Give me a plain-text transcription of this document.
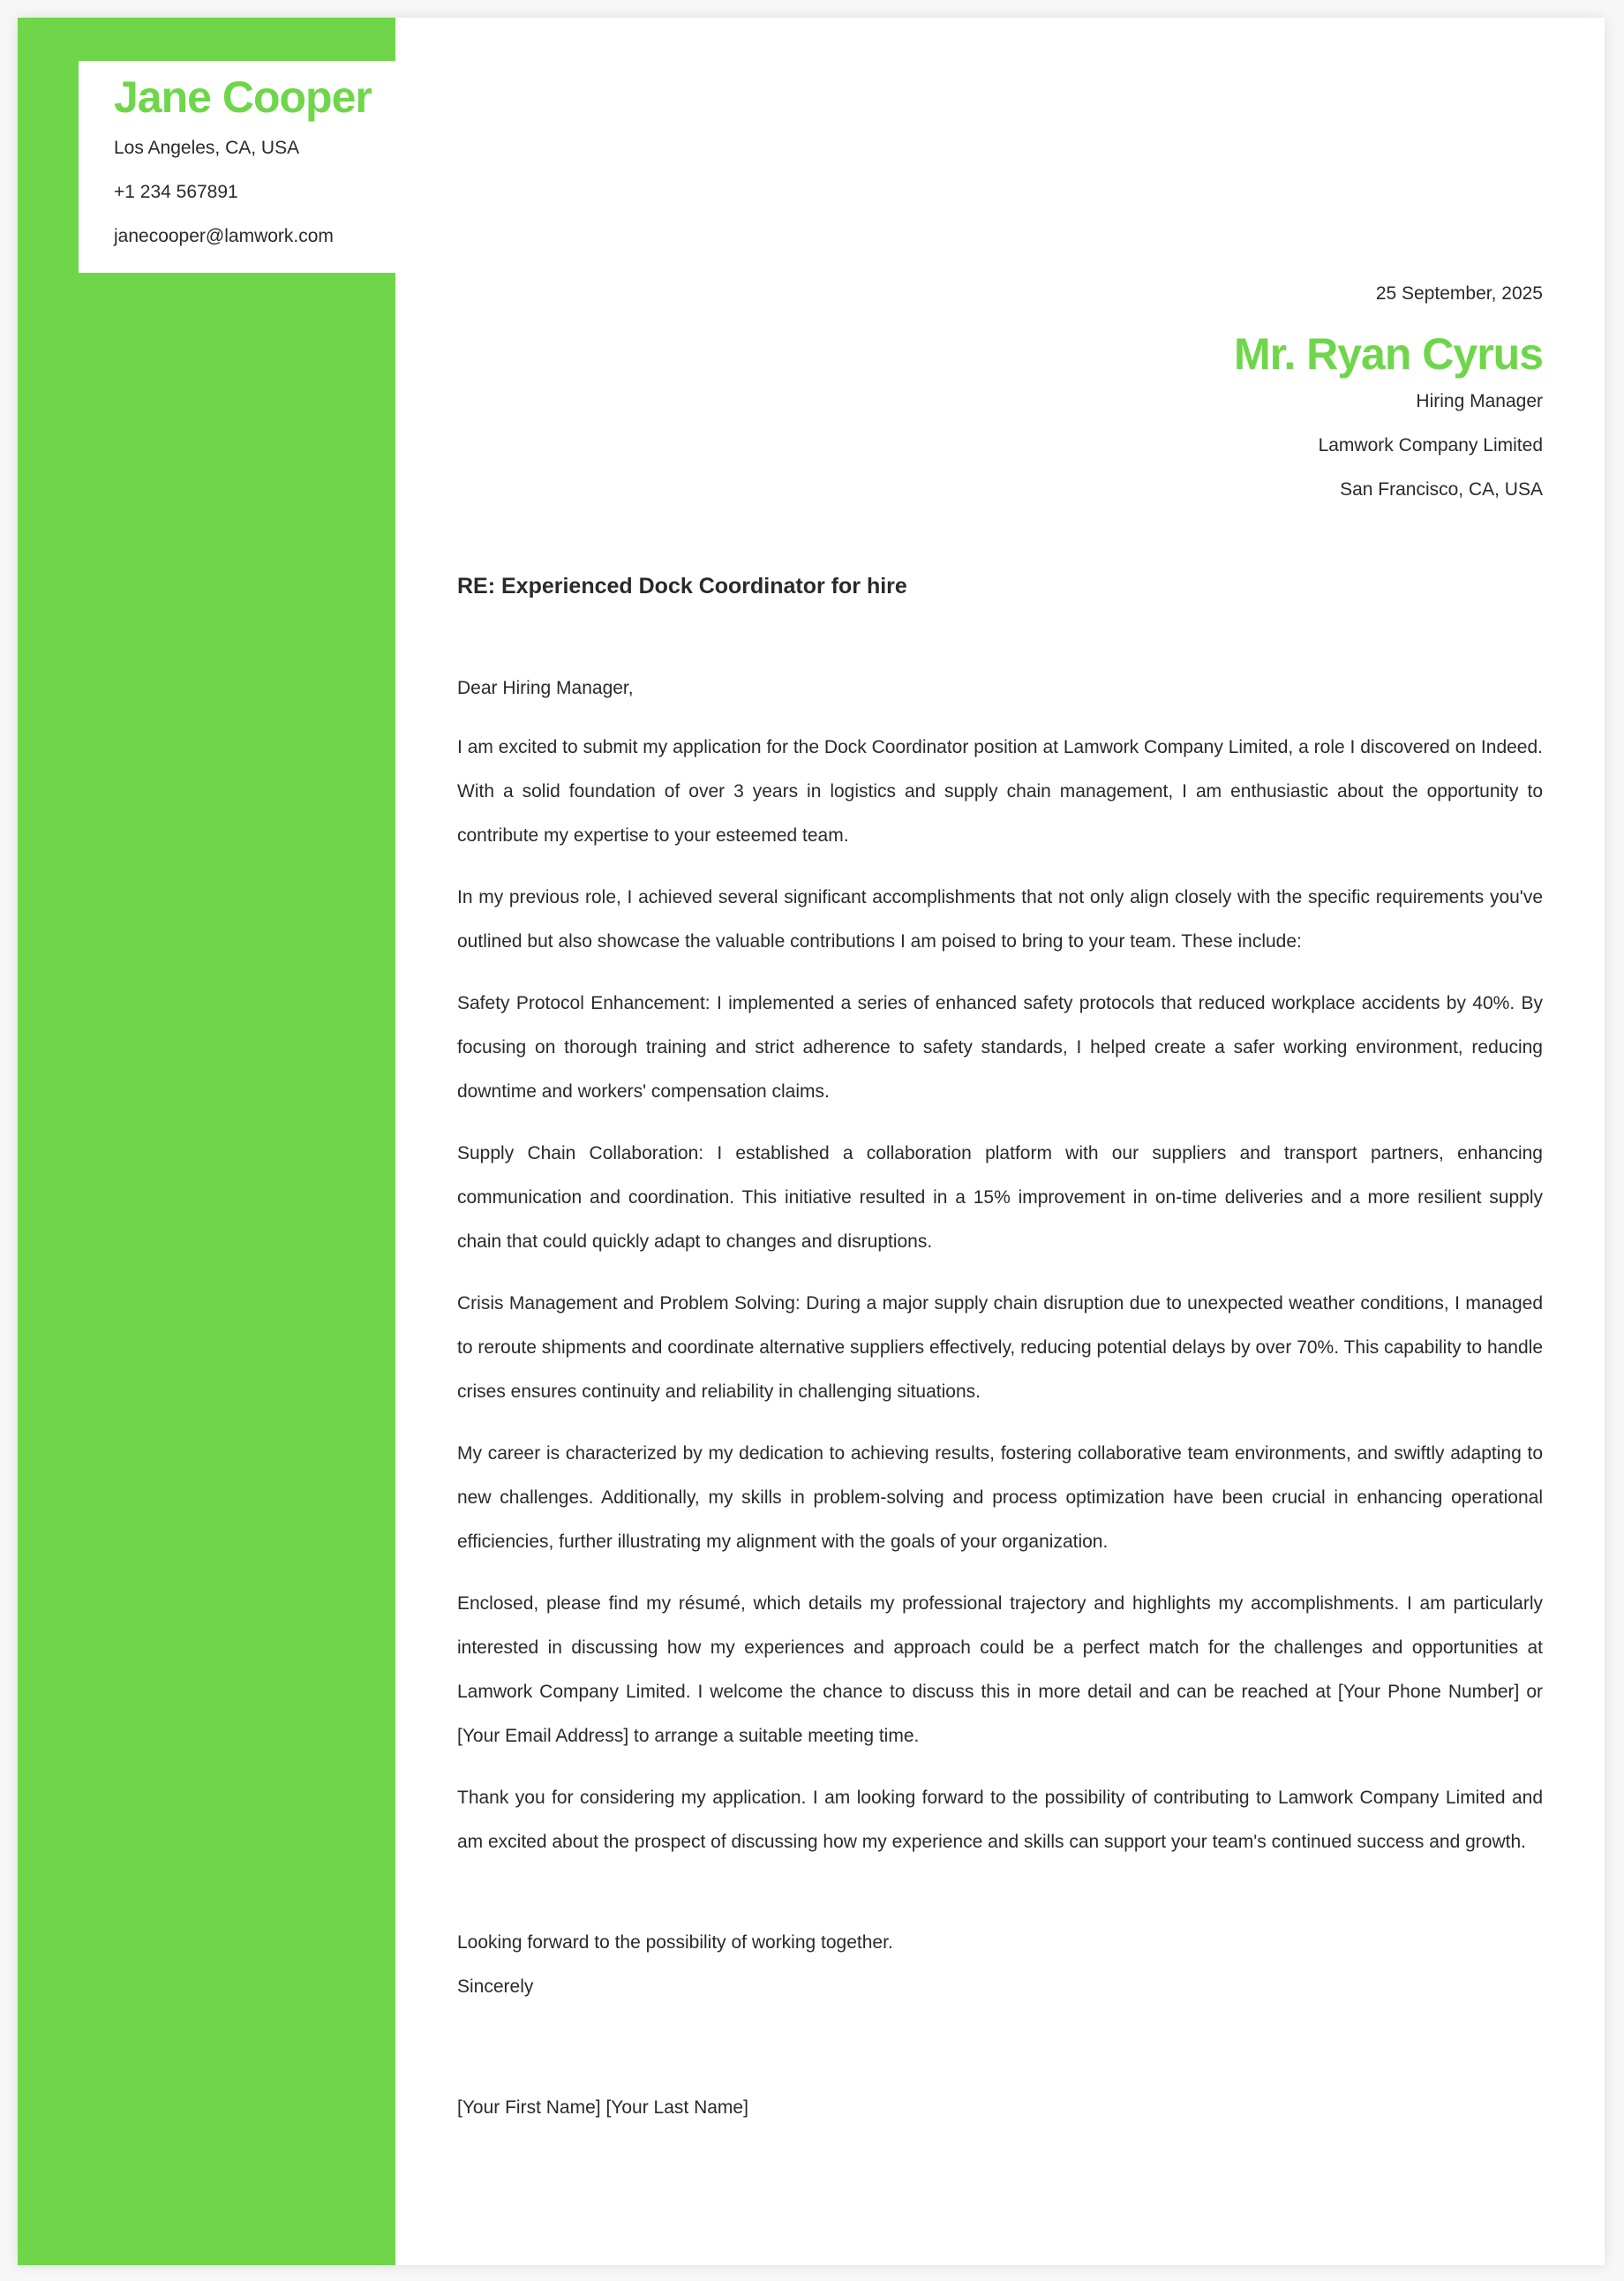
Jane Cooper
Los Angeles, CA, USA
+1 234 567891
janecooper@lamwork.com
25 September, 2025
Mr. Ryan Cyrus
Hiring Manager
Lamwork Company Limited
San Francisco, CA, USA
RE: Experienced Dock Coordinator for hire

Dear Hiring Manager,

I am excited to submit my application for the Dock Coordinator position at Lamwork Company Limited, a role I discovered on Indeed. With a solid foundation of over 3 years in logistics and supply chain management, I am enthusiastic about the opportunity to contribute my expertise to your esteemed team.

In my previous role, I achieved several significant accomplishments that not only align closely with the specific requirements you've outlined but also showcase the valuable contributions I am poised to bring to your team. These include:

Safety Protocol Enhancement: I implemented a series of enhanced safety protocols that reduced workplace accidents by 40%. By focusing on thorough training and strict adherence to safety standards, I helped create a safer working environment, reducing downtime and workers' compensation claims.

Supply Chain Collaboration: I established a collaboration platform with our suppliers and transport partners, enhancing communication and coordination. This initiative resulted in a 15% improvement in on-time deliveries and a more resilient supply chain that could quickly adapt to changes and disruptions.

Crisis Management and Problem Solving: During a major supply chain disruption due to unexpected weather conditions, I managed to reroute shipments and coordinate alternative suppliers effectively, reducing potential delays by over 70%. This capability to handle crises ensures continuity and reliability in challenging situations.

My career is characterized by my dedication to achieving results, fostering collaborative team environments, and swiftly adapting to new challenges. Additionally, my skills in problem-solving and process optimization have been crucial in enhancing operational efficiencies, further illustrating my alignment with the goals of your organization.

Enclosed, please find my résumé, which details my professional trajectory and highlights my accomplishments. I am particularly interested in discussing how my experiences and approach could be a perfect match for the challenges and opportunities at Lamwork Company Limited. I welcome the chance to discuss this in more detail and can be reached at [Your Phone Number] or [Your Email Address] to arrange a suitable meeting time.

Thank you for considering my application. I am looking forward to the possibility of contributing to Lamwork Company Limited and am excited about the prospect of discussing how my experience and skills can support your team's continued success and growth.

Looking forward to the possibility of working together.
Sincerely
[Your First Name] [Your Last Name]
